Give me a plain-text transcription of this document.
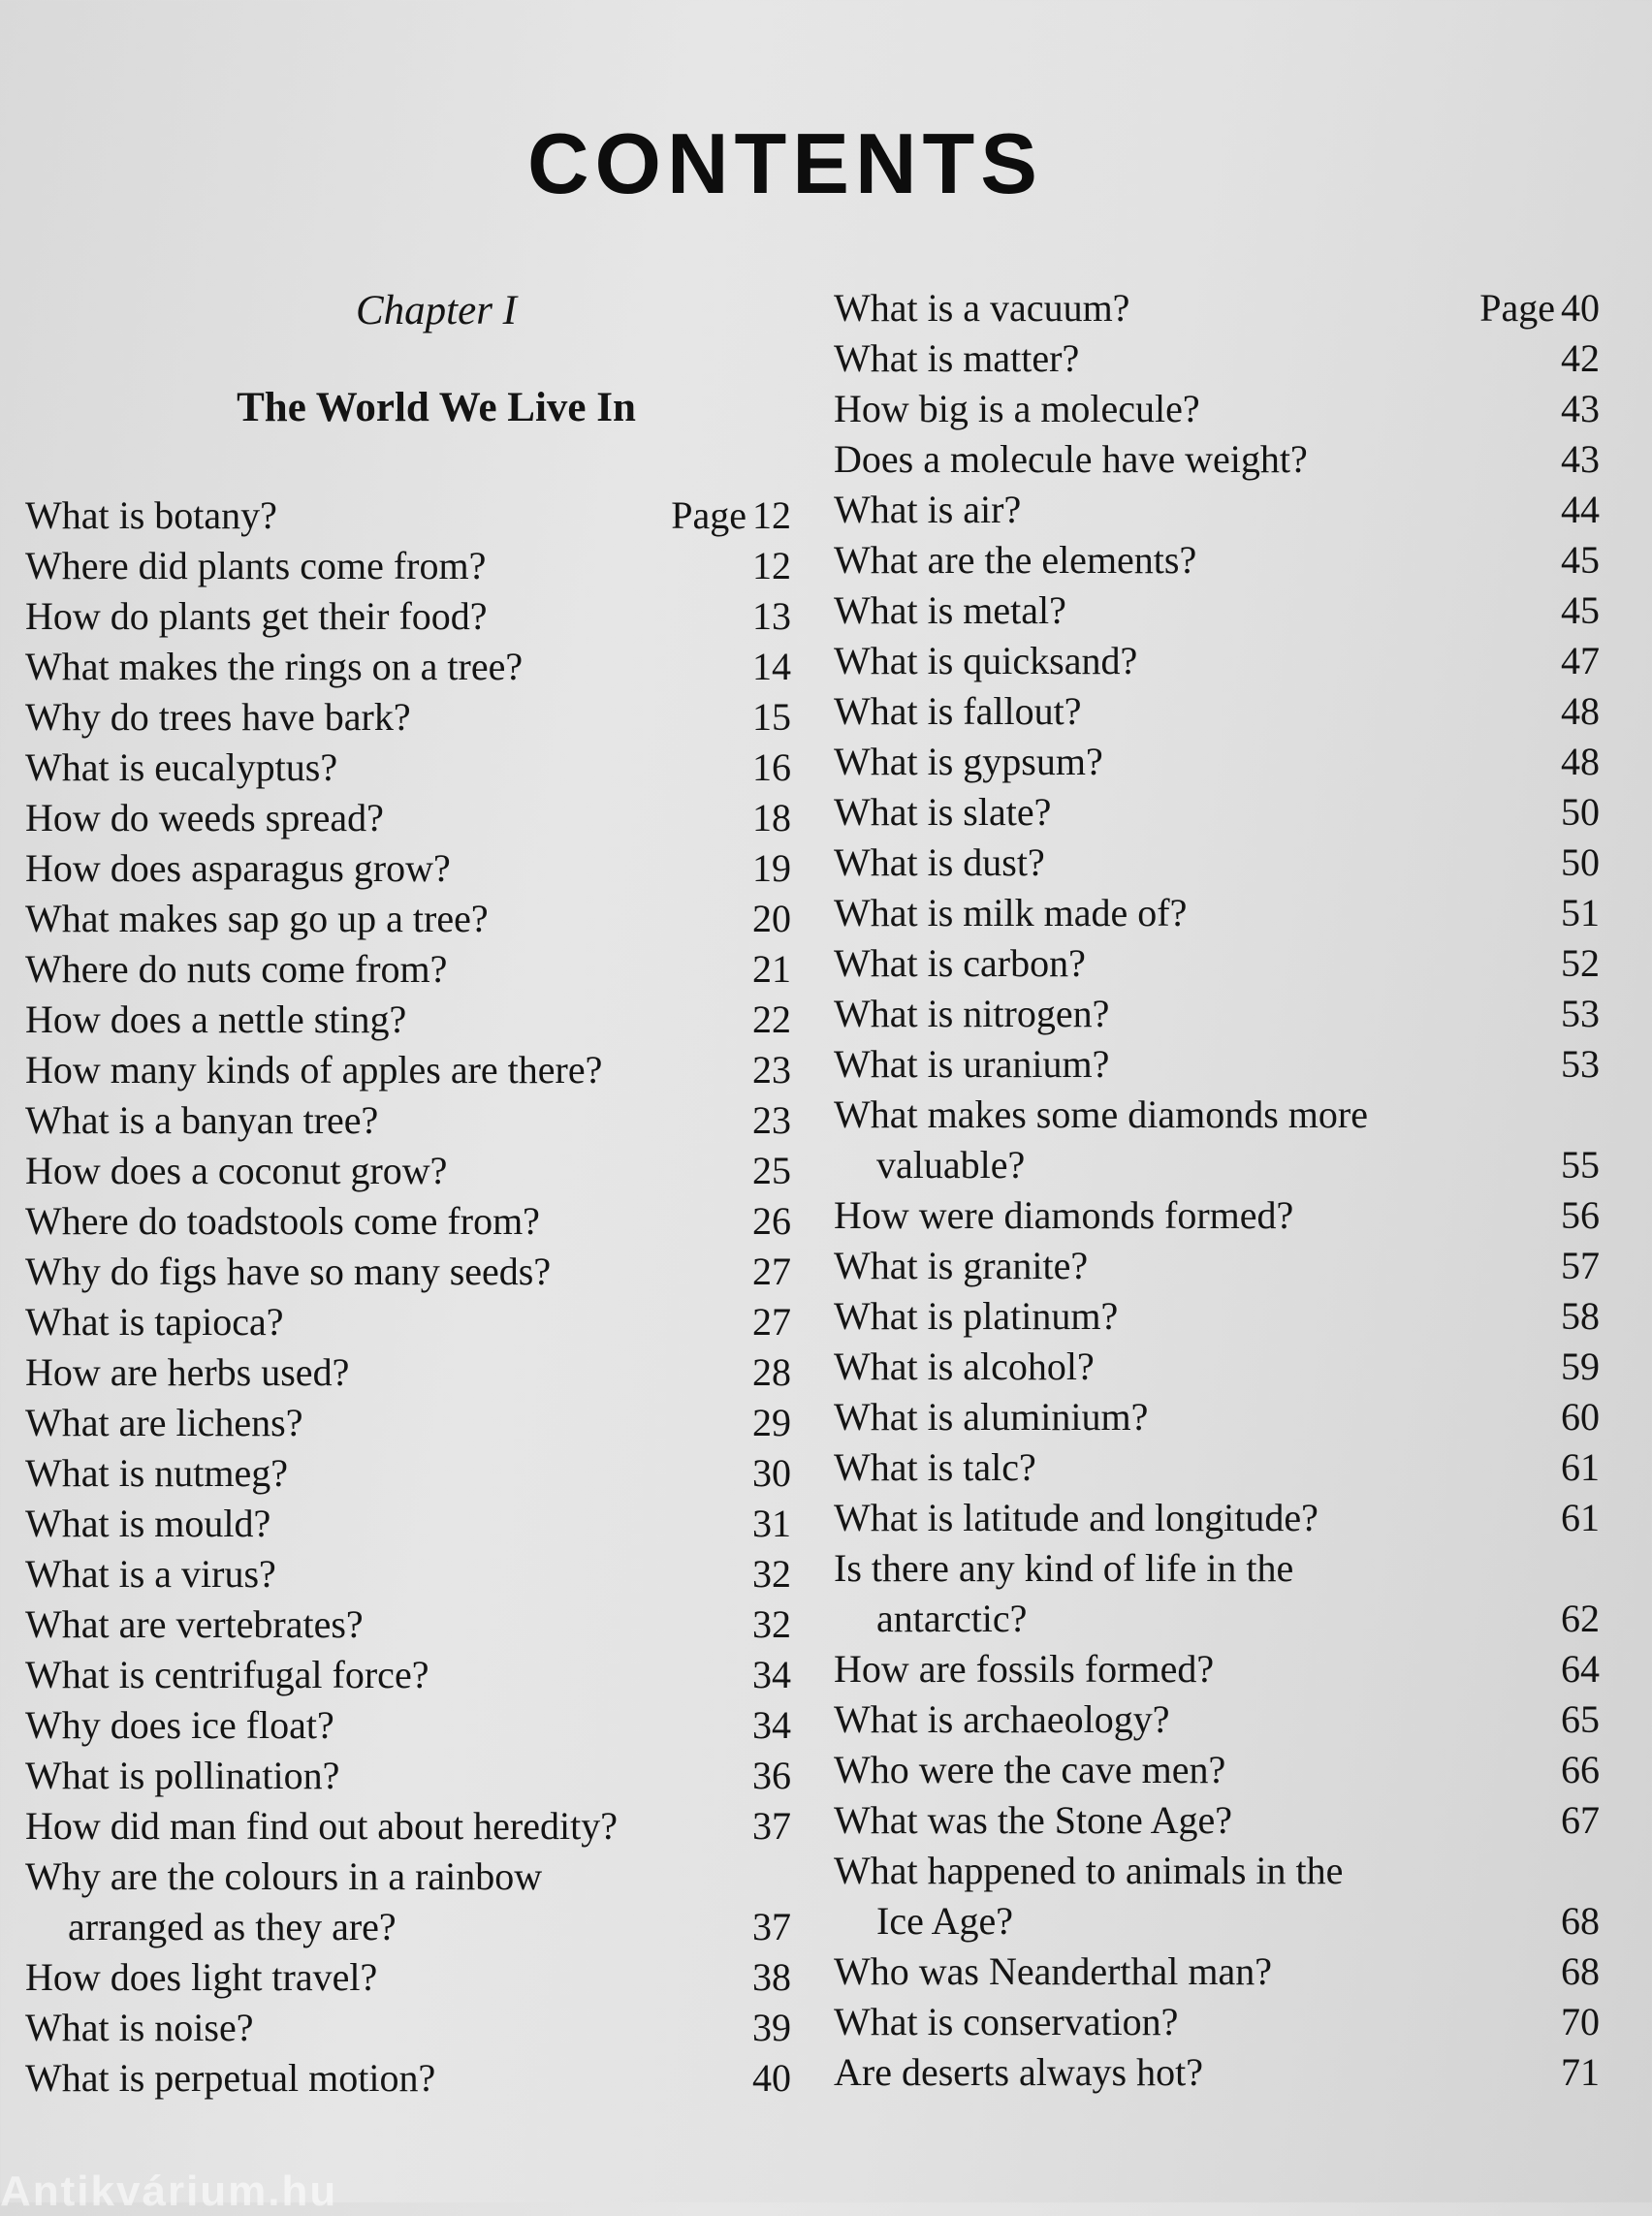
CONTENTS
Chapter I
The World We Live In
What is botany?	Page 12
Where did plants come from?	12
How do plants get their food?	13
What makes the rings on a tree?	14
Why do trees have bark?	15
What is eucalyptus?	16
How do weeds spread?	18
How does asparagus grow?	19
What makes sap go up a tree?	20
Where do nuts come from?	21
How does a nettle sting?	22
How many kinds of apples are there?	23
What is a banyan tree?	23
How does a coconut grow?	25
Where do toadstools come from?	26
Why do figs have so many seeds?	27
What is tapioca?	27
How are herbs used?	28
What are lichens?	29
What is nutmeg?	30
What is mould?	31
What is a virus?	32
What are vertebrates?	32
What is centrifugal force?	34
Why does ice float?	34
What is pollination?	36
How did man find out about heredity?	37
Why are the colours in a rainbow
arranged as they are?	37
How does light travel?	38
What is noise?	39
What is perpetual motion?	40
What is a vacuum?	Page 40
What is matter?	42
How big is a molecule?	43
Does a molecule have weight?	43
What is air?	44
What are the elements?	45
What is metal?	45
What is quicksand?	47
What is fallout?	48
What is gypsum?	48
What is slate?	50
What is dust?	50
What is milk made of?	51
What is carbon?	52
What is nitrogen?	53
What is uranium?	53
What makes some diamonds more
valuable?	55
How were diamonds formed?	56
What is granite?	57
What is platinum?	58
What is alcohol?	59
What is aluminium?	60
What is talc?	61
What is latitude and longitude?	61
Is there any kind of life in the
antarctic?	62
How are fossils formed?	64
What is archaeology?	65
Who were the cave men?	66
What was the Stone Age?	67
What happened to animals in the
Ice Age?	68
Who was Neanderthal man?	68
What is conservation?	70
Are deserts always hot?	71
Antikvárium.hu
